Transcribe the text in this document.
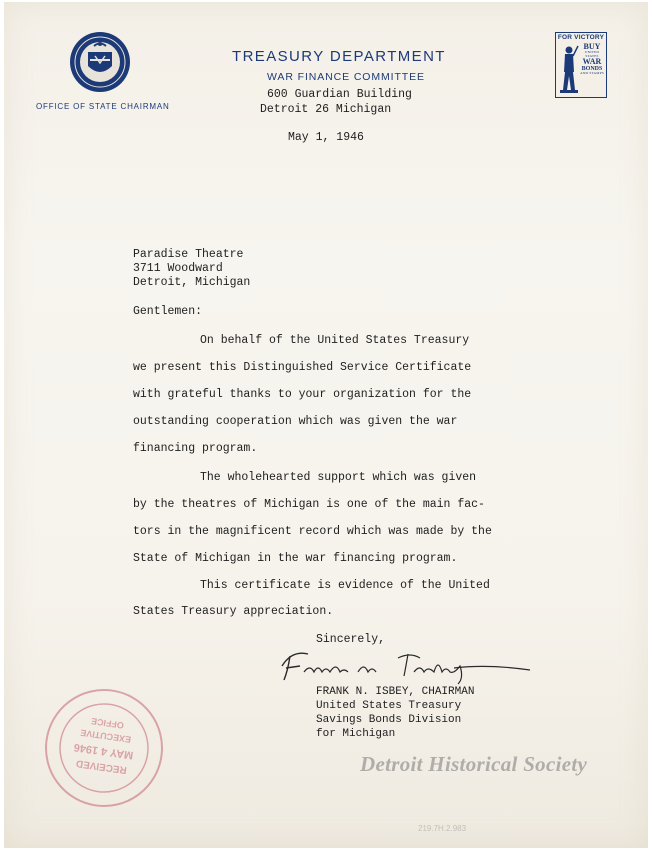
OFFICE OF STATE CHAIRMAN
TREASURY DEPARTMENT
WAR FINANCE COMMITTEE
600 Guardian Building
Detroit 26 Michigan
FOR VICTORY
BUY
UNITED STATES
WAR
BONDS
AND STAMPS
May 1, 1946
Paradise Theatre
3711 Woodward
Detroit, Michigan
Gentlemen:
On behalf of the United States Treasury
we present this Distinguished Service Certificate
with grateful thanks to your organization for the
outstanding cooperation which was given the war
financing program.
The wholehearted support which was given
by the theatres of Michigan is one of the main fac-
tors in the magnificent record which was made by the
State of Michigan in the war financing program.
This certificate is evidence of the United
States Treasury appreciation.
Sincerely,
FRANK N. ISBEY, CHAIRMAN
United States Treasury
Savings Bonds Division
for Michigan
RECEIVED
MAY 4 1946
EXECUTIVE
OFFICE
Detroit Historical Society
219.7H.2.983
